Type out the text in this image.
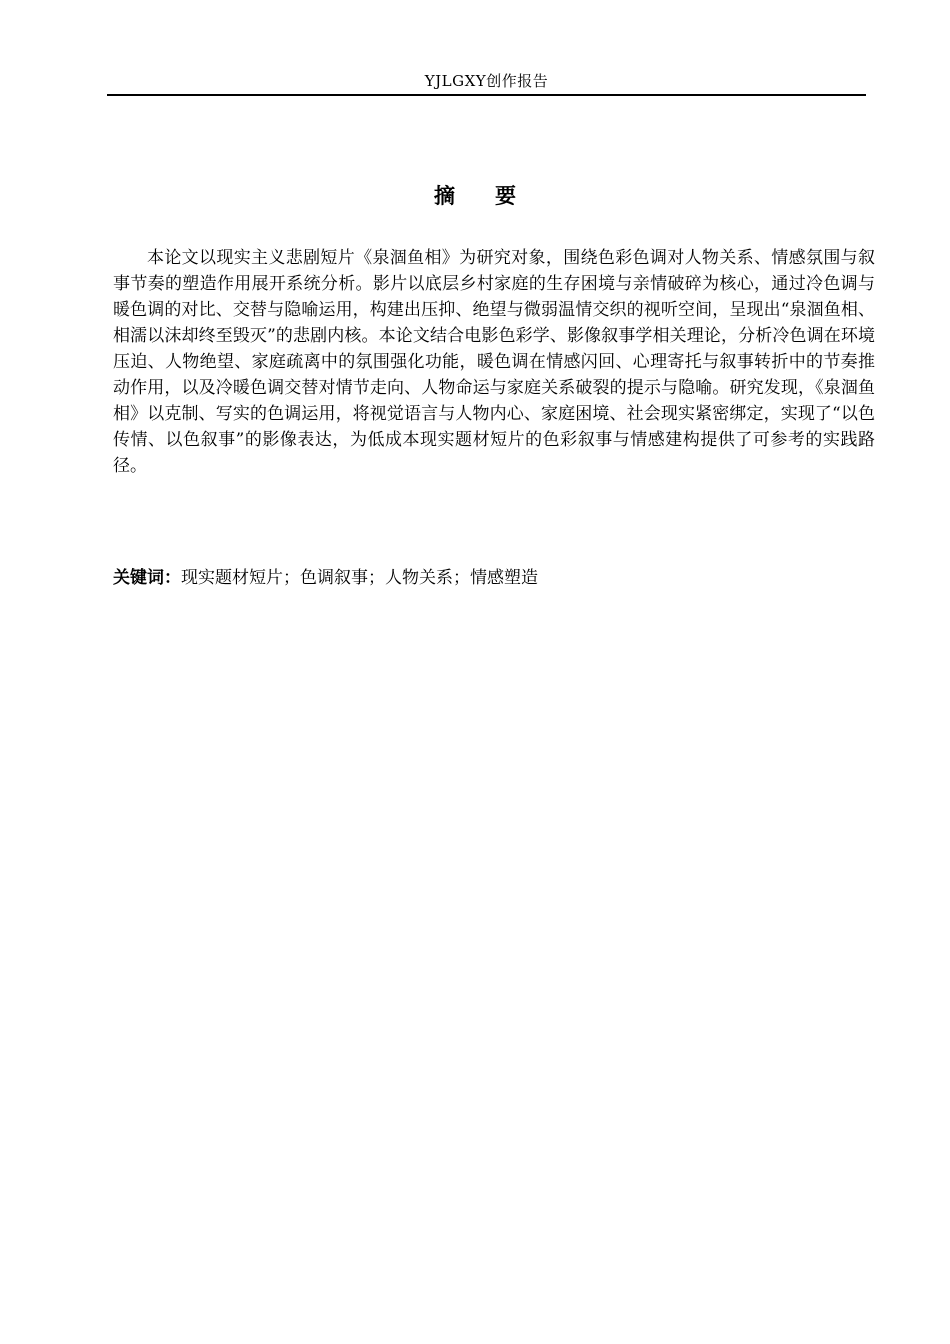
YJLGXY创作报告
摘要

本论文以现实主义悲剧短片《泉涸鱼相》为研究对象，围绕色彩色调对人物关系、情感氛围与叙事节奏的塑造作用展开系统分析。影片以底层乡村家庭的生存困境与亲情破碎为核心，通过冷色调与暖色调的对比、交替与隐喻运用，构建出压抑、绝望与微弱温情交织的视听空间，呈现出“泉涸鱼相、相濡以沫却终至毁灭”的悲剧内核。本论文结合电影色彩学、影像叙事学相关理论，分析冷色调在环境压迫、人物绝望、家庭疏离中的氛围强化功能，暖色调在情感闪回、心理寄托与叙事转折中的节奏推动作用，以及冷暖色调交替对情节走向、人物命运与家庭关系破裂的提示与隐喻。研究发现，《泉涸鱼相》以克制、写实的色调运用，将视觉语言与人物内心、家庭困境、社会现实紧密绑定，实现了“以色传情、以色叙事”的影像表达，为低成本现实题材短片的色彩叙事与情感建构提供了可参考的实践路径。

关键词：现实题材短片；色调叙事；人物关系；情感塑造
